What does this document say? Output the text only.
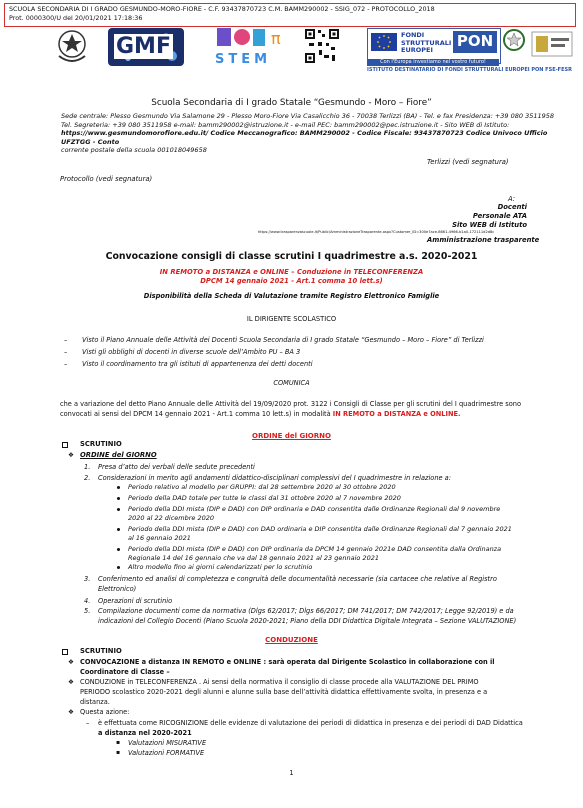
SCUOLA SECONDARIA DI I GRADO GESMUNDO-MORO-FIORE - C.F. 93437870723 C.M. BAMM290002 - SSIG_072 - PROTOCOLLO_2018
Prot. 0000300/U del 20/01/2021 17:18:36
GMF	π
STEM
FONDI
STRUTTURALI
EUROPEI	PON
Con l'Europa investiamo nel vostro futuro!
ISTITUTO DESTINATARIO DI FONDI STRUTTURALI EUROPEI PON FSE-FESR
Scuola Secondaria di I grado Statale “Gesmundo - Moro – Fiore”
Sede centrale: Plesso Gesmundo Via Salamone 29 - Plesso Moro-Fiore Via Casalicchio 36 - 70038 Terlizzi (BA) - Tel. e fax Presidenza: +39 080 3511958
Tel. Segreteria: +39 080 3511958 e-mail: bamm290002@istruzione.it - e-mail PEC: bamm290002@pec.istruzione.it - Sito WEB di Istituto:
https://www.gesmundomorofiore.edu.it/ Codice Meccanografico: BAMM290002 - Codice Fiscale: 93437870723 Codice Univoco Ufficio UFZTGG - Conto
corrente postale della scuola 001018049658
Terlizzi (vedi segnatura)
Protocollo (vedi segnatura)
A:
Docenti
Personale ATA
Sito WEB di Istituto
https://www.trasparenzascuole.it/Public/AmministrazioneTrasparente.aspx?Customer_ID=300e7ace-8661-4966-b1a0-172111d2d8c
Amministrazione trasparente
Convocazione consigli di classe scrutini I quadrimestre a.s. 2020-2021
IN REMOTO a DISTANZA e ONLINE – Conduzione in TELECONFERENZA
DPCM 14 gennaio 2021 - Art.1 comma 10 lett.s)
Disponibilità della Scheda di Valutazione tramite Registro Elettronico Famiglie
IL DIRIGENTE SCOLASTICO
– Visto il Piano Annuale delle Attività dei Docenti Scuola Secondaria di I grado Statale “Gesmundo – Moro – Fiore” di Terlizzi
– Visti gli obblighi di docenti in diverse scuole dell’Ambito PU – BA 3
– Visto il coordinamento tra gli istituti di appartenenza dei detti docenti
COMUNICA
che a variazione del detto Piano Annuale delle Attività del 19/09/2020 prot. 3122 i Consigli di Classe per gli scrutini del I quadrimestre sono
convocati ai sensi del DPCM 14 gennaio 2021 - Art.1 comma 10 lett.s) in modalità IN REMOTO a DISTANZA e ONLINE.
ORDINE del GIORNO
SCRUTINIO
❖ ORDINE del GIORNO
1. Presa d’atto dei verbali delle sedute precedenti
2. Considerazioni in merito agli andamenti didattico-disciplinari complessivi del I quadrimestre in relazione a:
Periodo relativo al modello per GRUPPI: dal 28 settembre 2020 al 30 ottobre 2020
Periodo della DAD totale per tutte le classi dal 31 ottobre 2020 al 7 novembre 2020
Periodo della DDI mista (DIP e DAD) con DIP ordinaria e DAD consentita dalle Ordinanze Regionali dal 9 novembre
2020 al 22 dicembre 2020
Periodo della DDI mista (DIP e DAD) con DAD ordinaria e DIP consentita dalle Ordinanze Regionali dal 7 gennaio 2021
al 16 gennaio 2021
Periodo della DDI mista (DIP e DAD) con DIP ordinaria da DPCM 14 gennaio 2021e DAD consentita dalla Ordinanza
Regionale 14 del 16 gennaio che va dal 18 gennaio 2021 al 23 gennaio 2021
Altro modello fino ai giorni calendarizzati per lo scrutinio
3. Conferimento ed analisi di completezza e congruità delle documentalità necessarie (sia cartacee che relative al Registro
Elettronico)
4. Operazioni di scrutinio
5. Compilazione documenti come da normativa (Dlgs 62/2017; Dlgs 66/2017; DM 741/2017; DM 742/2017; Legge 92/2019) e da
indicazioni del Collegio Docenti (Piano Scuola 2020-2021; Piano della DDI Didattica Digitale Integrata – Sezione VALUTAZIONE)
CONDUZIONE
SCRUTINIO
❖ CONVOCAZIONE a distanza IN REMOTO e ONLINE : sarà operata dal Dirigente Scolastico in collaborazione con il
Coordinatore di Classe –
❖ CONDUZIONE in TELECONFERENZA . Ai sensi della normativa il consiglio di classe procede alla VALUTAZIONE DEL PRIMO
PERIODO scolastico 2020-2021 degli alunni e alunne sulla base dell’attività didattica effettivamente svolta, in presenza e a
distanza.
❖ Questa azione:
– è effettuata come RICOGNIZIONE delle evidenze di valutazione dei periodi di didattica in presenza e dei periodi di DAD Didattica
a distanza nel 2020-2021
▪ Valutazioni MISURATIVE
▪ Valutazioni FORMATIVE
1
